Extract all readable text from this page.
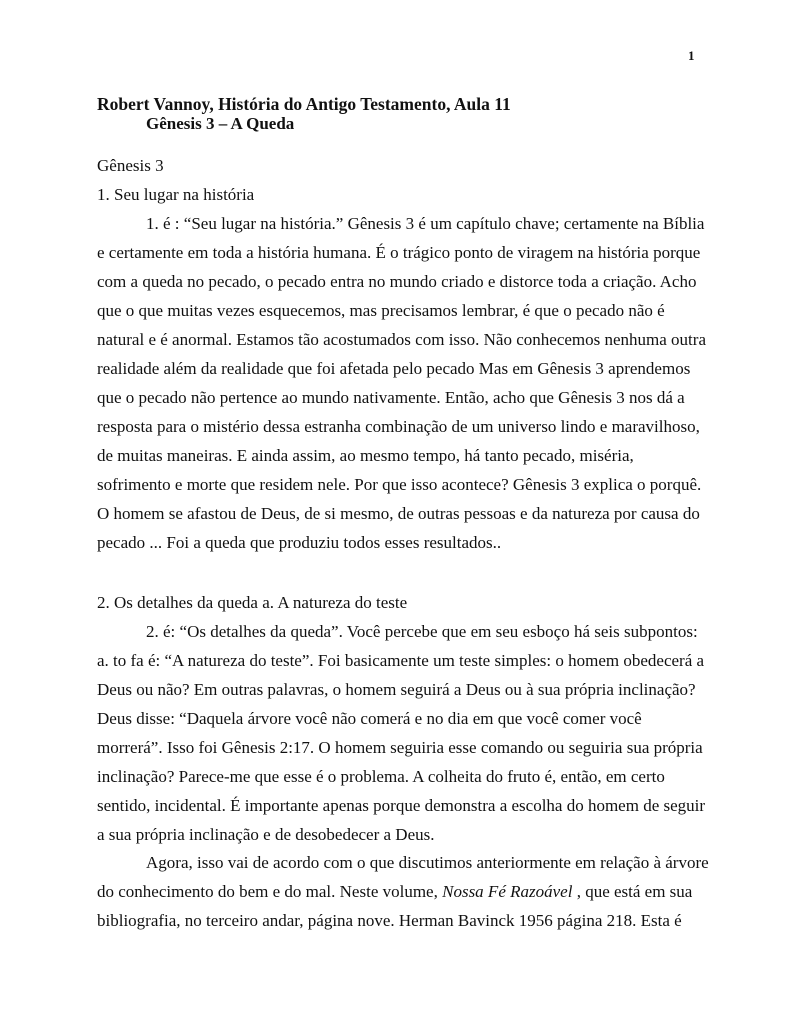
1
Robert Vannoy, História do Antigo Testamento, Aula 11
Gênesis 3 – A Queda
Gênesis 3
1. Seu lugar na história
1. é : “Seu lugar na história.” Gênesis 3 é um capítulo chave; certamente na Bíblia
e certamente em toda a história humana. É o trágico ponto de viragem na história porque
com a queda no pecado, o pecado entra no mundo criado e distorce toda a criação. Acho
que o que muitas vezes esquecemos, mas precisamos lembrar, é que o pecado não é
natural e é anormal. Estamos tão acostumados com isso. Não conhecemos nenhuma outra
realidade além da realidade que foi afetada pelo pecado Mas em Gênesis 3 aprendemos
que o pecado não pertence ao mundo nativamente. Então, acho que Gênesis 3 nos dá a
resposta para o mistério dessa estranha combinação de um universo lindo e maravilhoso,
de muitas maneiras. E ainda assim, ao mesmo tempo, há tanto pecado, miséria,
sofrimento e morte que residem nele. Por que isso acontece? Gênesis 3 explica o porquê.
O homem se afastou de Deus, de si mesmo, de outras pessoas e da natureza por causa do
pecado ... Foi a queda que produziu todos esses resultados..
2. Os detalhes da queda a. A natureza do teste
2. é: “Os detalhes da queda”. Você percebe que em seu esboço há seis subpontos:
a. to fa é: “A natureza do teste”. Foi basicamente um teste simples: o homem obedecerá a
Deus ou não? Em outras palavras, o homem seguirá a Deus ou à sua própria inclinação?
Deus disse: “Daquela árvore você não comerá e no dia em que você comer você
morrerá”. Isso foi Gênesis 2:17. O homem seguiria esse comando ou seguiria sua própria
inclinação? Parece-me que esse é o problema. A colheita do fruto é, então, em certo
sentido, incidental. É importante apenas porque demonstra a escolha do homem de seguir
a sua própria inclinação e de desobedecer a Deus.
Agora, isso vai de acordo com o que discutimos anteriormente em relação à árvore
do conhecimento do bem e do mal. Neste volume, Nossa Fé Razoável , que está em sua
bibliografia, no terceiro andar, página nove. Herman Bavinck 1956 página 218. Esta é
